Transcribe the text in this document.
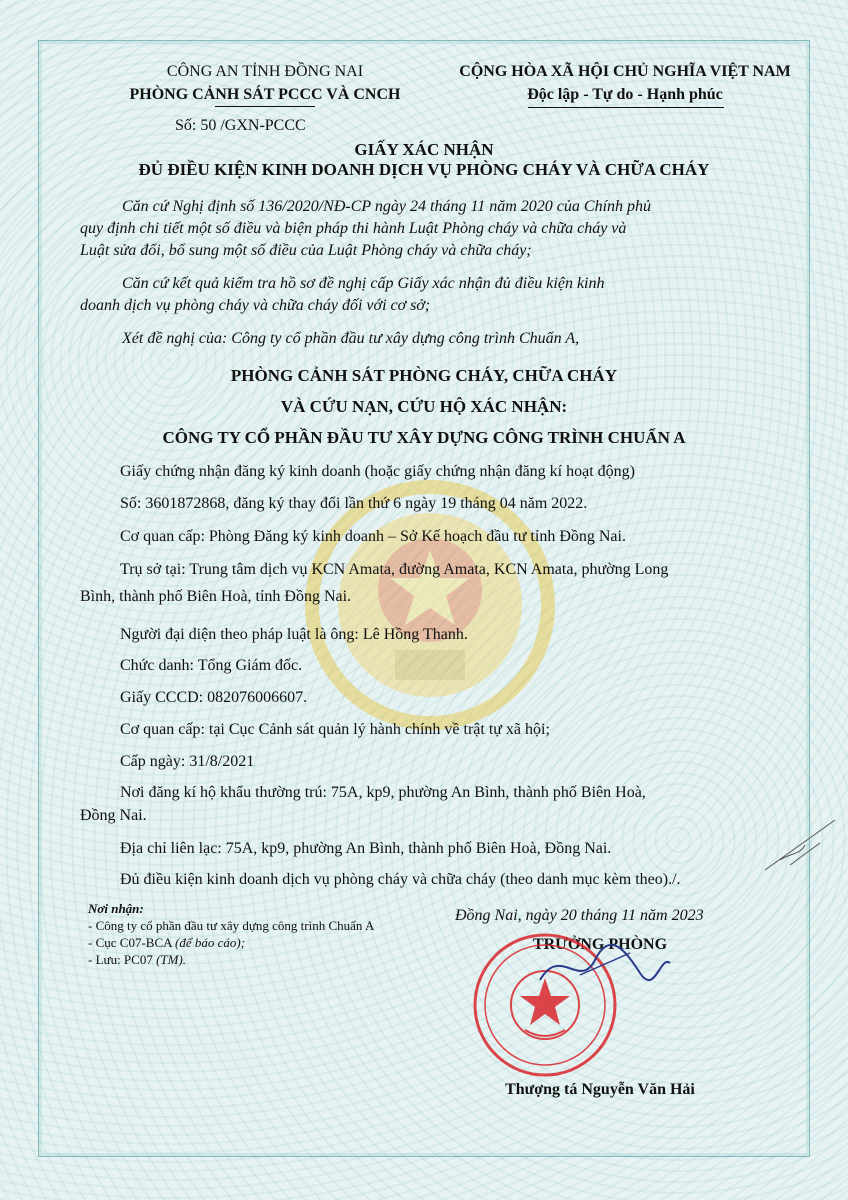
CÔNG AN TỈNH ĐỒNG NAI
PHÒNG CẢNH SÁT PCCC VÀ CNCH
Số: 50 /GXN-PCCC
CỘNG HÒA XÃ HỘI CHỦ NGHĨA VIỆT NAM
Độc lập - Tự do - Hạnh phúc
GIẤY XÁC NHẬN
ĐỦ ĐIỀU KIỆN KINH DOANH DỊCH VỤ PHÒNG CHÁY VÀ CHỮA CHÁY
Căn cứ Nghị định số 136/2020/NĐ-CP ngày 24 tháng 11 năm 2020 của Chính phủ
quy định chi tiết một số điều và biện pháp thi hành Luật Phòng cháy và chữa cháy và
Luật sửa đổi, bổ sung một số điều của Luật Phòng cháy và chữa cháy;
Căn cứ kết quả kiểm tra hồ sơ đề nghị cấp Giấy xác nhận đủ điều kiện kinh
doanh dịch vụ phòng cháy và chữa cháy đối với cơ sở;
Xét đề nghị của: Công ty cổ phần đầu tư xây dựng công trình Chuẩn A,
PHÒNG CẢNH SÁT PHÒNG CHÁY, CHỮA CHÁY
VÀ CỨU NẠN, CỨU HỘ XÁC NHẬN:
CÔNG TY CỔ PHẦN ĐẦU TƯ XÂY DỰNG CÔNG TRÌNH CHUẨN A
Giấy chứng nhận đăng ký kinh doanh (hoặc giấy chứng nhận đăng kí hoạt động)
Số: 3601872868, đăng ký thay đổi lần thứ 6 ngày 19 tháng 04 năm 2022.
Cơ quan cấp: Phòng Đăng ký kinh doanh – Sở Kế hoạch đầu tư tỉnh Đồng Nai.
Trụ sở tại: Trung tâm dịch vụ KCN Amata, đường Amata, KCN Amata, phường Long
Bình, thành phố Biên Hoà, tỉnh Đồng Nai.
Người đại diện theo pháp luật là ông: Lê Hồng Thanh.
Chức danh: Tổng Giám đốc.
Giấy CCCD: 082076006607.
Cơ quan cấp: tại Cục Cảnh sát quản lý hành chính về trật tự xã hội;
Cấp ngày: 31/8/2021
Nơi đăng kí hộ khẩu thường trú: 75A, kp9, phường An Bình, thành phố Biên Hoà,
Đồng Nai.
Địa chỉ liên lạc: 75A, kp9, phường An Bình, thành phố Biên Hoà, Đồng Nai.
Đủ điều kiện kinh doanh dịch vụ phòng cháy và chữa cháy (theo danh mục kèm theo)./.
Nơi nhận:
- Công ty cổ phần đầu tư xây dựng công trình Chuẩn A
- Cục C07-BCA (để báo cáo);
- Lưu: PC07 (TM).
Đồng Nai, ngày 20 tháng 11 năm 2023
TRƯỞNG PHÒNG
Thượng tá Nguyễn Văn Hải
